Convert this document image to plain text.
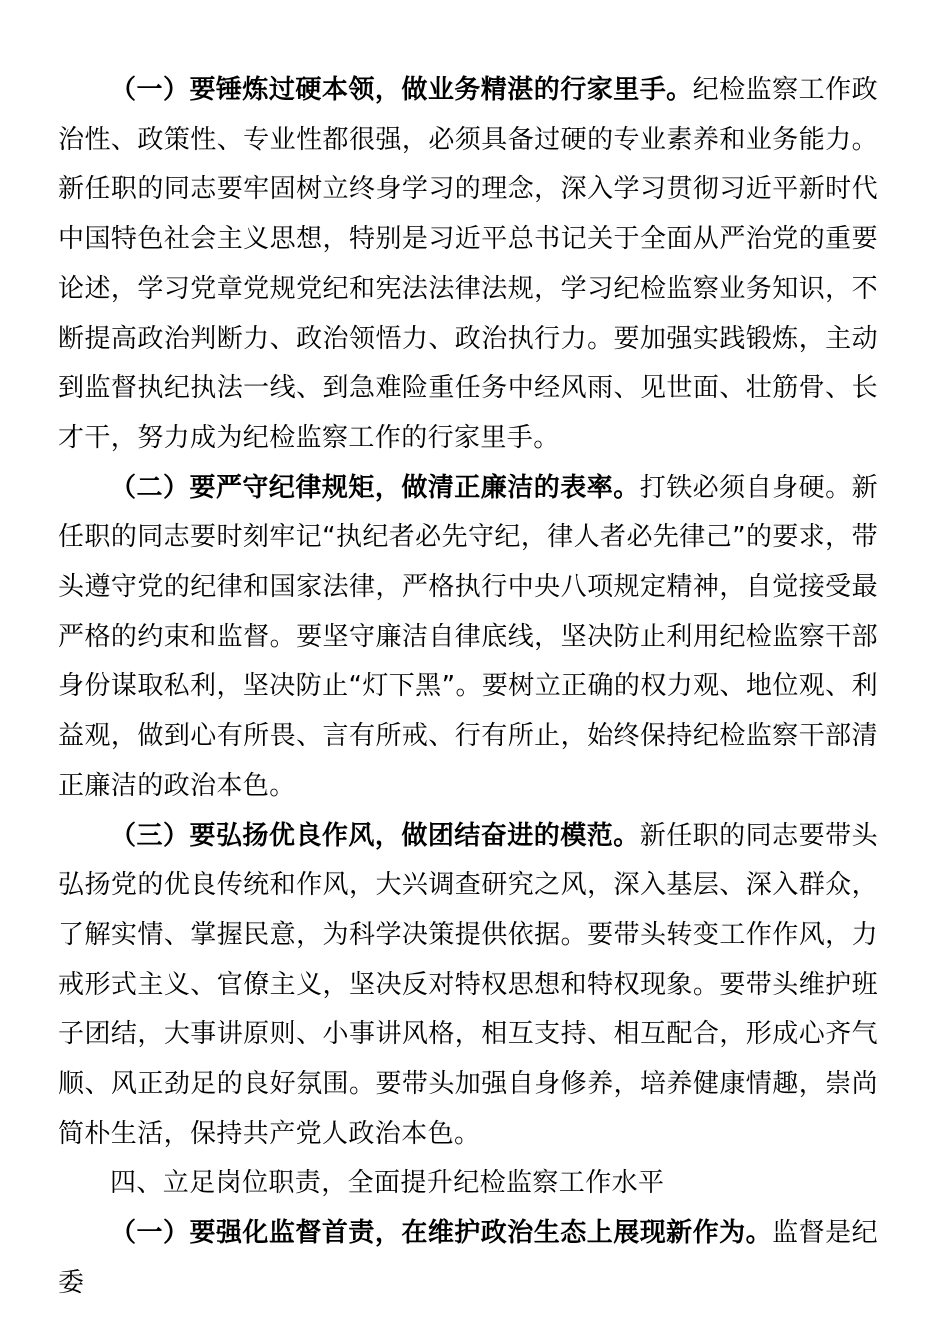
（一）要锤炼过硬本领，做业务精湛的行家里手。纪检监察工作政治性、政策性、专业性都很强，必须具备过硬的专业素养和业务能力。新任职的同志要牢固树立终身学习的理念，深入学习贯彻习近平新时代中国特色社会主义思想，特别是习近平总书记关于全面从严治党的重要论述，学习党章党规党纪和宪法法律法规，学习纪检监察业务知识，不断提高政治判断力、政治领悟力、政治执行力。要加强实践锻炼，主动到监督执纪执法一线、到急难险重任务中经风雨、见世面、壮筋骨、长才干，努力成为纪检监察工作的行家里手。

（二）要严守纪律规矩，做清正廉洁的表率。打铁必须自身硬。新任职的同志要时刻牢记“执纪者必先守纪，律人者必先律己”的要求，带头遵守党的纪律和国家法律，严格执行中央八项规定精神，自觉接受最严格的约束和监督。要坚守廉洁自律底线，坚决防止利用纪检监察干部身份谋取私利，坚决防止“灯下黑”。要树立正确的权力观、地位观、利益观，做到心有所畏、言有所戒、行有所止，始终保持纪检监察干部清正廉洁的政治本色。

（三）要弘扬优良作风，做团结奋进的模范。新任职的同志要带头弘扬党的优良传统和作风，大兴调查研究之风，深入基层、深入群众，了解实情、掌握民意，为科学决策提供依据。要带头转变工作作风，力戒形式主义、官僚主义，坚决反对特权思想和特权现象。要带头维护班子团结，大事讲原则、小事讲风格，相互支持、相互配合，形成心齐气顺、风正劲足的良好氛围。要带头加强自身修养，培养健康情趣，崇尚简朴生活，保持共产党人政治本色。

四、立足岗位职责，全面提升纪检监察工作水平

（一）要强化监督首责，在维护政治生态上展现新作为。监督是纪委
